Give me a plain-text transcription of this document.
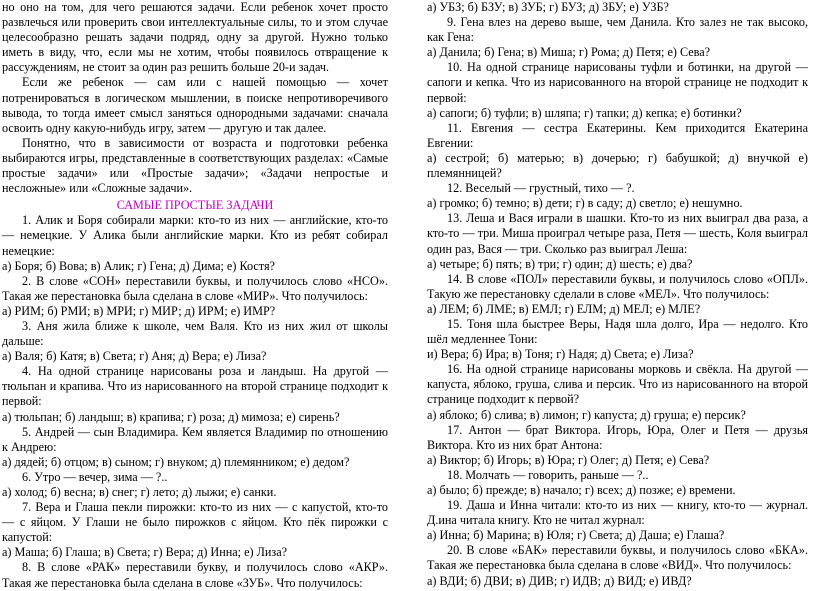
но оно на том, для чего решаются задачи. Если ребенок хочет просто развлечься или проверить свои интеллектуальные силы, то и этом случае целесообразно решать задачи подряд, одну за другой. Нужно только иметь в виду, что, если мы не хотим, чтобы появилось отвращение к рассуждениям, не стоит за один раз решить больше 20-и задач.

Если же ребенок — сам или с нашей помощью — хочет потренироваться в логическом мышлении, в поиске непротиворечивого вывода, то тогда имеет смысл заняться однородными задачами: сначала освоить одну какую-нибудь игру, затем — другую и так далее.

Понятно, что в зависимости от возраста и подготовки ребенка выбираются игры, представленные в соответствующих разделах: «Самые простые задачи» или «Простые задачи»; «Задачи непростые и несложные» или «Сложные задачи».

САМЫЕ ПРОСТЫЕ ЗАДАЧИ

1. Алик и Боря собирали марки: кто-то из них — английские, кто-то — немецкие. У Алика были английские марки. Кто из ребят собирал немецкие:

а) Боря; б) Вова; в) Алик; г) Гена; д) Дима; е) Костя?

2. В слове «СОН» переставили буквы, и получилось слово «НСО». Такая же перестановка была сделана в слове «МИР». Что получилось:

а) РИМ; б) РМИ; в) МРИ; г) МИР; д) ИРМ; е) ИМР?

3. Аня жила ближе к школе, чем Валя. Кто из них жил от школы дальше:

а) Валя; б) Катя; в) Света; г) Аня; д) Вера; е) Лиза?

4. На одной странице нарисованы роза и ландыш. На другой — тюльпан и крапива. Что из нарисованного на второй странице подходит к первой:

а) тюльпан; б) ландыш; в) крапива; г) роза; д) мимоза; е) сирень?

5. Андрей — сын Владимира. Кем является Владимир по отношению к Андрею:

а) дядей; б) отцом; в) сыном; г) внуком; д) племянником; е) дедом?

6. Утро — вечер, зима — ?..

а) холод; б) весна; в) снег; г) лето; д) лыжи; е) санки.

7. Вера и Глаша пекли пирожки: кто-то из них — с капустой, кто-то — с яйцом. У Глаши не было пирожков с яйцом. Кто пёк пирожки с капустой:

а) Маша; б) Глаша; в) Света; г) Вера; д) Инна; е) Лиза?

8. В слове «РАК» переставили букву, и получилось слово «АКР». Такая же перестановка была сделана в слове «ЗУБ». Что получилось:

а) УБЗ; б) БЗУ; в) ЗУБ; г) БУЗ; д) ЗБУ; е) УЗБ?

9. Гена влез на дерево выше, чем Данила. Кто залез не так высоко, как Гена:

а) Данила; б) Гена; в) Миша; г) Рома; д) Петя; е) Сева?

10. На одной странице нарисованы туфли и ботинки, на другой — сапоги и кепка. Что из нарисованного на второй странице не подходит к первой:

а) сапоги; б) туфли; в) шляпа; г) тапки; д) кепка; е) ботинки?

11. Евгения — сестра Екатерины. Кем приходится Екатерина Евгении:

а) сестрой; б) матерью; в) дочерью; г) бабушкой; д) внучкой е) племянницей?

12. Веселый — грустный, тихо — ?.

а) громко; б) темно; в) дети; г) в саду; д) светло; е) нешумно.

13. Леша и Вася играли в шашки. Кто-то из них выиграл два раза, а кто-то — три. Миша проиграл четыре раза, Петя — шесть, Коля выиграл один раз, Вася — три. Сколько раз выиграл Леша:

а) четыре; б) пять; в) три; г) один; д) шесть; е) два?

14. В слове «ПОЛ» переставили буквы, и получилось слово «ОПЛ». Такую же перестановку сделали в слове «МЕЛ». Что получилось:

а) ЛЕМ; б) ЛМЕ; в) ЕМЛ; г) ЕЛМ; д) МЕЛ; е) МЛЕ?

15. Тоня шла быстрее Веры, Надя шла долго, Ира — недолго. Кто шёл медленнее Тони:

и) Вера; б) Ира; в) Тоня; г) Надя; д) Света; е) Лиза?

16. На одной странице нарисованы морковь и свёкла. На другой — капуста, яблоко, груша, слива и персик. Что из нарисованного на второй странице подходит к первой?

а) яблоко; б) слива; в) лимон; г) капуста; д) груша; е) персик?

17. Антон — брат Виктора. Игорь, Юра, Олег и Петя — друзья Виктора. Кто из них брат Антона:

а) Виктор; б) Игорь; в) Юра; г) Олег; д) Петя; е) Сева?

18. Молчать — говорить, раньше — ?..

а) было; б) прежде; в) начало; г) всех; д) позже; е) времени.

19. Даша и Инна читали: кто-то из них — книгу, кто-то — журнал. Д.ина читала книгу. Кто не читал журнал:

а) Инна; б) Марина; в) Юля; г) Света; д) Даша; е) Глаша?

20. В слове «БАК» переставили буквы, и получилось слово «БКА». Такая же перестановка была сделана в слове «ВИД». Что получилось:

а) ВДИ; б) ДВИ; в) ДИВ; г) ИДВ; д) ВИД; е) ИВД?
